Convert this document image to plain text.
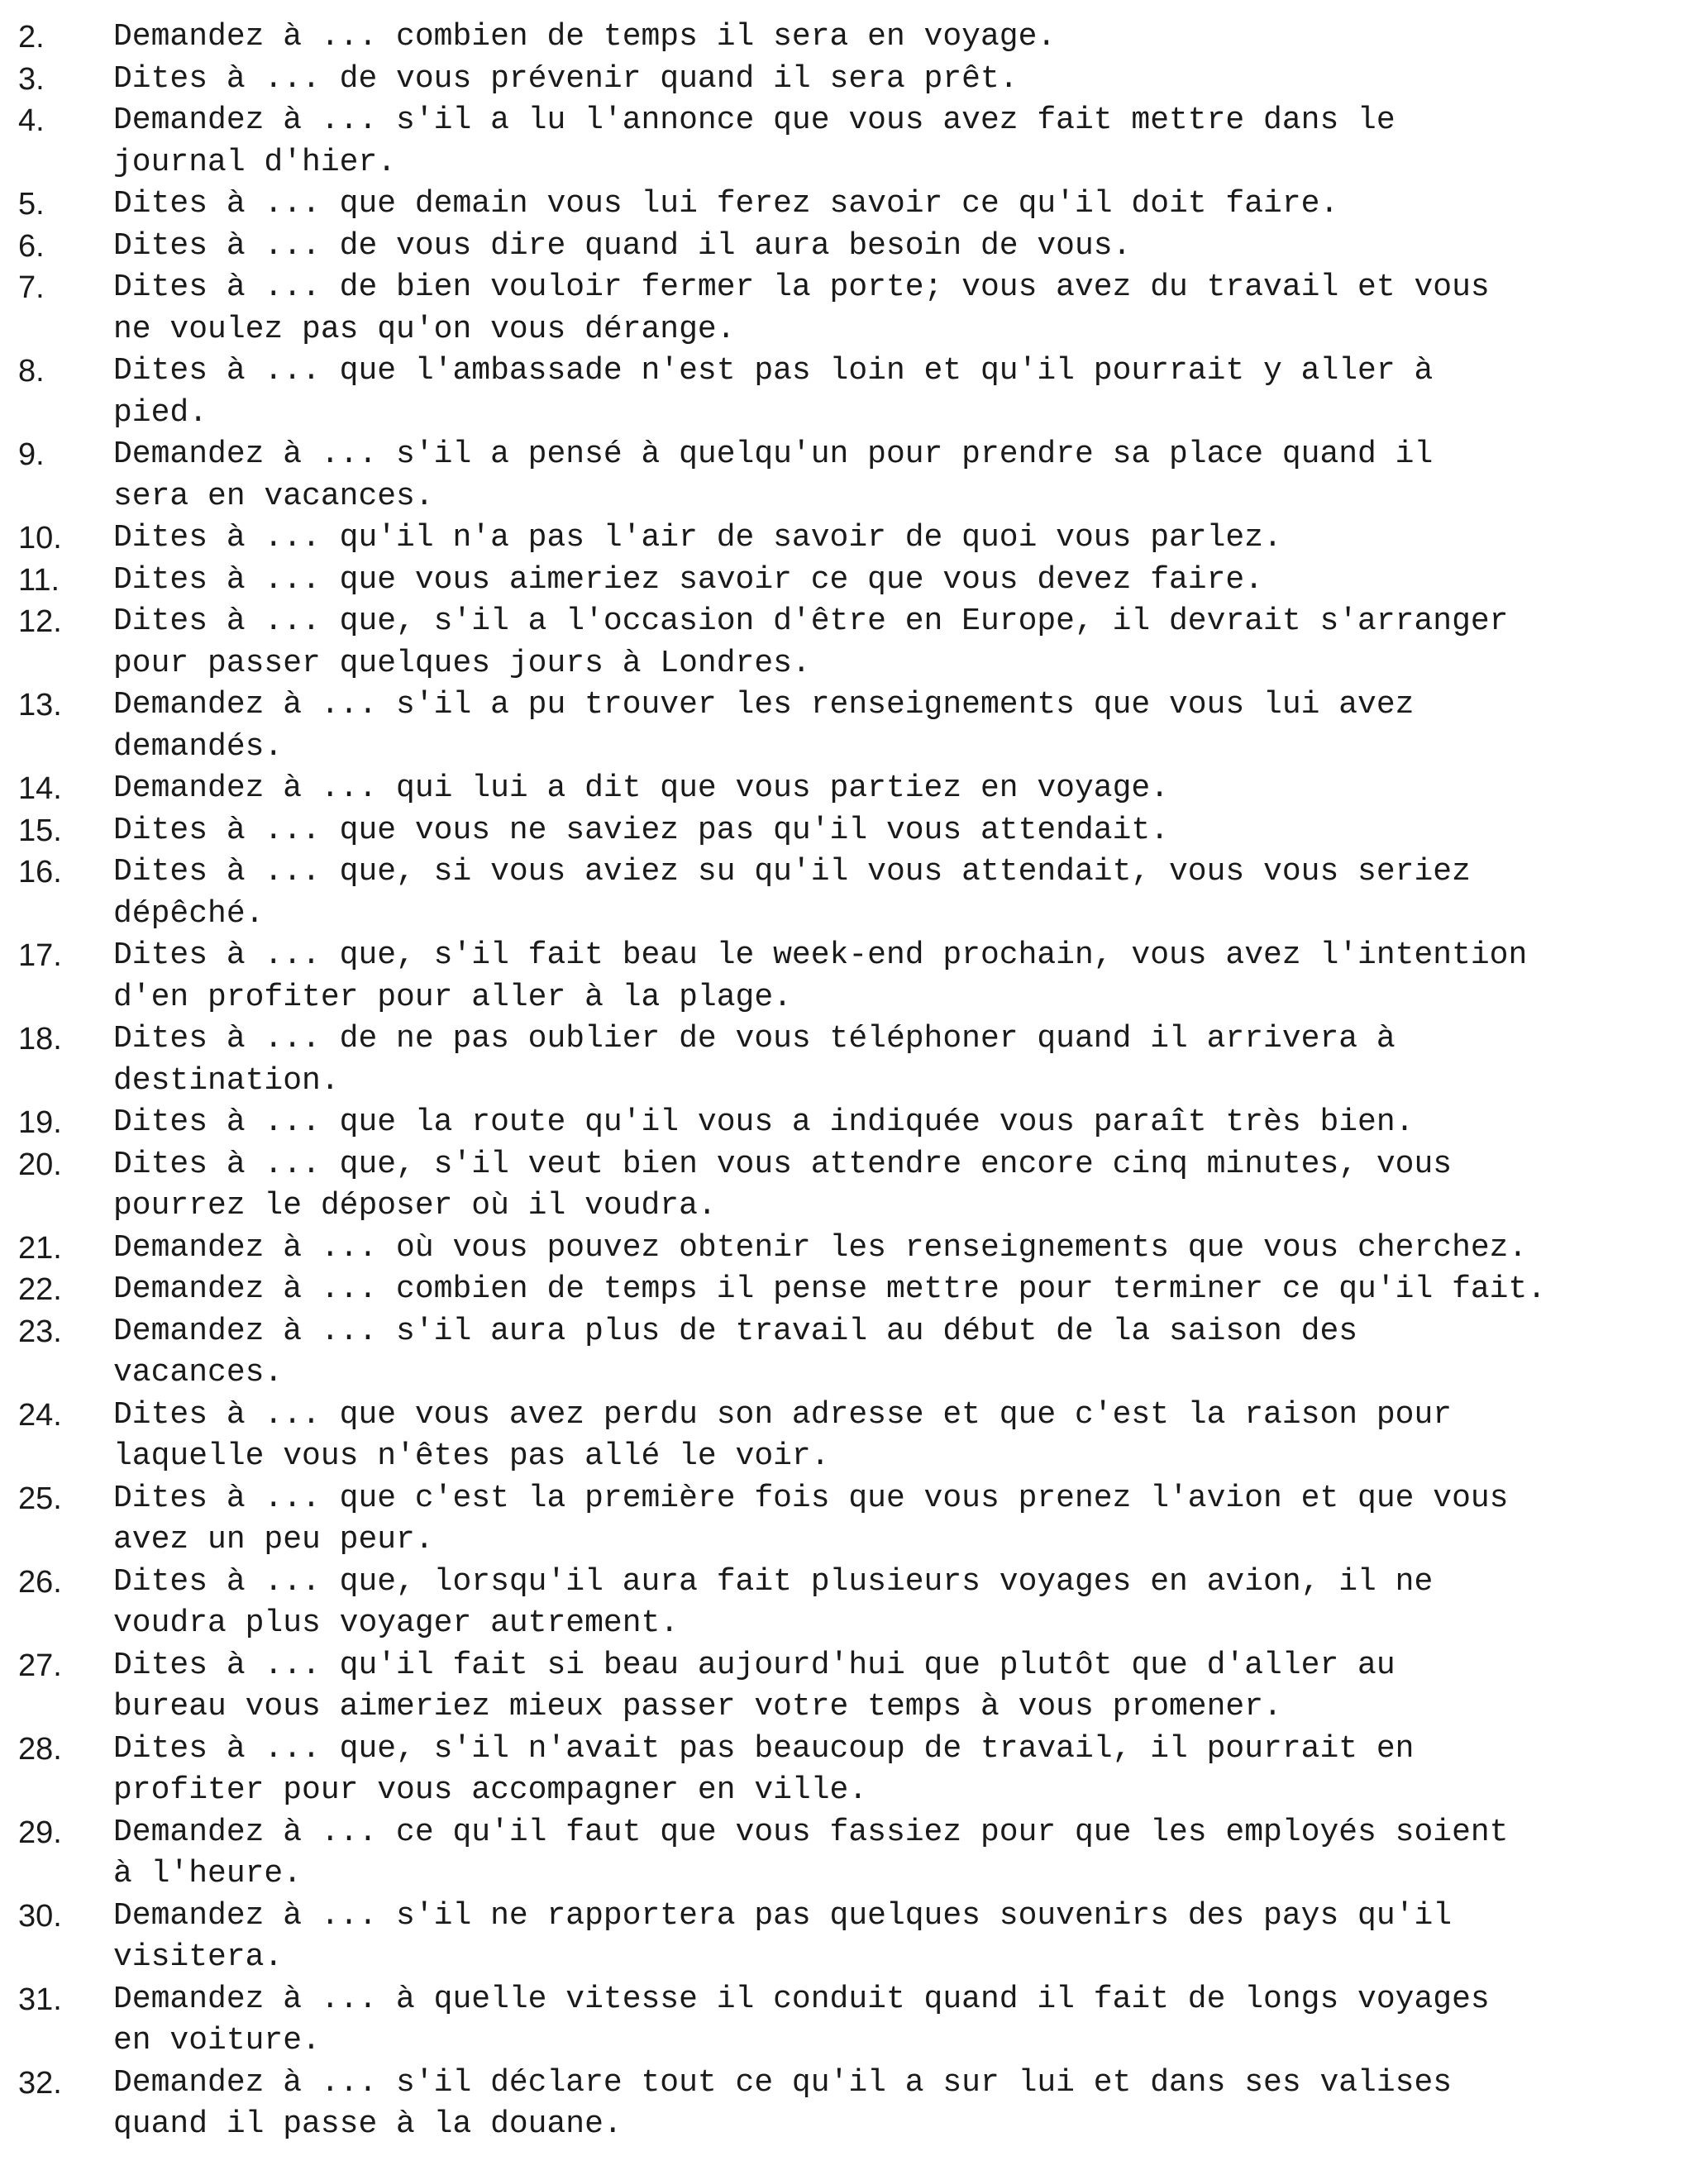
2.	Demandez à ... combien de temps il sera en voyage.
3.	Dites à ... de vous prévenir quand il sera prêt.
4.	Demandez à ... s'il a lu l'annonce que vous avez fait mettre dans le
journal d'hier.
5.	Dites à ... que demain vous lui ferez savoir ce qu'il doit faire.
6.	Dites à ... de vous dire quand il aura besoin de vous.
7.	Dites à ... de bien vouloir fermer la porte; vous avez du travail et vous
ne voulez pas qu'on vous dérange.
8.	Dites à ... que l'ambassade n'est pas loin et qu'il pourrait y aller à
pied.
9.	Demandez à ... s'il a pensé à quelqu'un pour prendre sa place quand il
sera en vacances.
10.	Dites à ... qu'il n'a pas l'air de savoir de quoi vous parlez.
11.	Dites à ... que vous aimeriez savoir ce que vous devez faire.
12.	Dites à ... que, s'il a l'occasion d'être en Europe, il devrait s'arranger
pour passer quelques jours à Londres.
13.	Demandez à ... s'il a pu trouver les renseignements que vous lui avez
demandés.
14.	Demandez à ... qui lui a dit que vous partiez en voyage.
15.	Dites à ... que vous ne saviez pas qu'il vous attendait.
16.	Dites à ... que, si vous aviez su qu'il vous attendait, vous vous seriez
dépêché.
17.	Dites à ... que, s'il fait beau le week-end prochain, vous avez l'intention
d'en profiter pour aller à la plage.
18.	Dites à ... de ne pas oublier de vous téléphoner quand il arrivera à
destination.
19.	Dites à ... que la route qu'il vous a indiquée vous paraît très bien.
20.	Dites à ... que, s'il veut bien vous attendre encore cinq minutes, vous
pourrez le déposer où il voudra.
21.	Demandez à ... où vous pouvez obtenir les renseignements que vous cherchez.
22.	Demandez à ... combien de temps il pense mettre pour terminer ce qu'il fait.
23.	Demandez à ... s'il aura plus de travail au début de la saison des
vacances.
24.	Dites à ... que vous avez perdu son adresse et que c'est la raison pour
laquelle vous n'êtes pas allé le voir.
25.	Dites à ... que c'est la première fois que vous prenez l'avion et que vous
avez un peu peur.
26.	Dites à ... que, lorsqu'il aura fait plusieurs voyages en avion, il ne
voudra plus voyager autrement.
27.	Dites à ... qu'il fait si beau aujourd'hui que plutôt que d'aller au
bureau vous aimeriez mieux passer votre temps à vous promener.
28.	Dites à ... que, s'il n'avait pas beaucoup de travail, il pourrait en
profiter pour vous accompagner en ville.
29.	Demandez à ... ce qu'il faut que vous fassiez pour que les employés soient
à l'heure.
30.	Demandez à ... s'il ne rapportera pas quelques souvenirs des pays qu'il
visitera.
31.	Demandez à ... à quelle vitesse il conduit quand il fait de longs voyages
en voiture.
32.	Demandez à ... s'il déclare tout ce qu'il a sur lui et dans ses valises
quand il passe à la douane.
